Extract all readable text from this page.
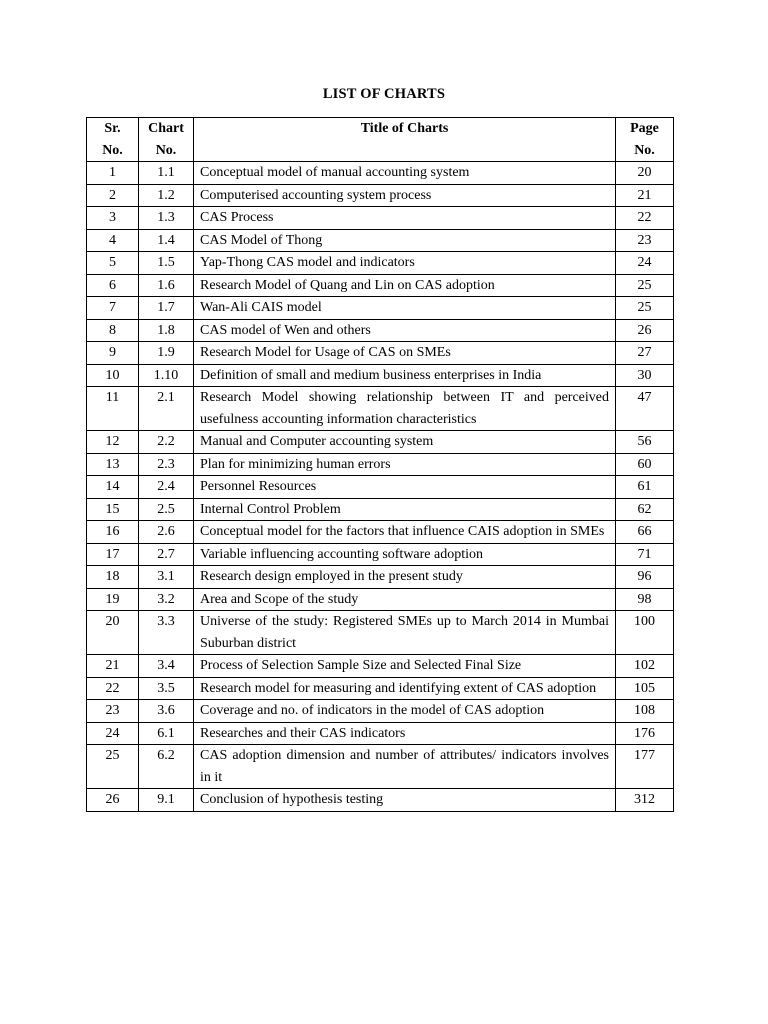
LIST OF CHARTS
Sr. No.	Chart No.	Title of Charts	Page No.
1	1.1	Conceptual model of manual accounting system	20
2	1.2	Computerised accounting system process	21
3	1.3	CAS Process	22
4	1.4	CAS Model of Thong	23
5	1.5	Yap-Thong CAS model and indicators	24
6	1.6	Research Model of Quang and Lin on CAS adoption	25
7	1.7	Wan-Ali CAIS model	25
8	1.8	CAS model of Wen and others	26
9	1.9	Research Model for Usage of CAS on SMEs	27
10	1.10	Definition of small and medium business enterprises in India	30
11	2.1	Research Model showing relationship between IT and perceived usefulness accounting information characteristics	47
12	2.2	Manual and Computer accounting system	56
13	2.3	Plan for minimizing human errors	60
14	2.4	Personnel Resources	61
15	2.5	Internal Control Problem	62
16	2.6	Conceptual model for the factors that influence CAIS adoption in SMEs	66
17	2.7	Variable influencing accounting software adoption	71
18	3.1	Research design employed in the present study	96
19	3.2	Area and Scope of the study	98
20	3.3	Universe of the study: Registered SMEs up to March 2014 in Mumbai Suburban district	100
21	3.4	Process of Selection Sample Size and Selected Final Size	102
22	3.5	Research model for measuring and identifying extent of CAS adoption	105
23	3.6	Coverage and no. of indicators in the model of CAS adoption	108
24	6.1	Researches and their CAS indicators	176
25	6.2	CAS adoption dimension and number of attributes/ indicators involves in it	177
26	9.1	Conclusion of hypothesis testing	312
